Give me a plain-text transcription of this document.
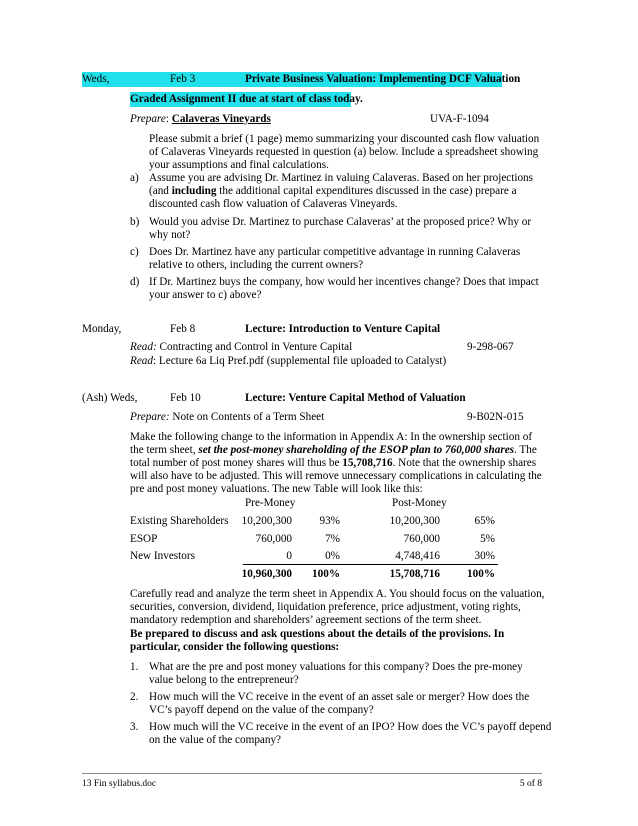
Weds,	Feb 3	Private Business Valuation: Implementing DCF Valuation
Graded Assignment II due at start of class today.
Prepare: Calaveras Vineyards	UVA-F-1094
Please submit a brief (1 page) memo summarizing your discounted cash flow valuation of Calaveras Vineyards requested in question (a) below. Include a spreadsheet showing your assumptions and final calculations.
a) Assume you are advising Dr. Martinez in valuing Calaveras. Based on her projections (and including the additional capital expenditures discussed in the case) prepare a discounted cash flow valuation of Calaveras Vineyards.
b) Would you advise Dr. Martinez to purchase Calaveras’ at the proposed price? Why or why not?
c) Does Dr. Martinez have any particular competitive advantage in running Calaveras relative to others, including the current owners?
d) If Dr. Martinez buys the company, how would her incentives change? Does that impact your answer to c) above?
Monday,	Feb 8	Lecture: Introduction to Venture Capital
Read: Contracting and Control in Venture Capital	9-298-067
Read: Lecture 6a Liq Pref.pdf (supplemental file uploaded to Catalyst)
(Ash) Weds,	Feb 10	Lecture: Venture Capital Method of Valuation
Prepare: Note on Contents of a Term Sheet	9-B02N-015
Make the following change to the information in Appendix A: In the ownership section of the term sheet, set the post-money shareholding of the ESOP plan to 760,000 shares. The total number of post money shares will thus be 15,708,716. Note that the ownership shares will also have to be adjusted. This will remove unnecessary complications in calculating the pre and post money valuations. The new Table will look like this:
Pre-Money	Post-Money
Existing Shareholders	10,200,300	93%	10,200,300	65%
ESOP	760,000	7%	760,000	5%
New Investors	0	0%	4,748,416	30%
10,960,300	100%	15,708,716	100%
Carefully read and analyze the term sheet in Appendix A. You should focus on the valuation, securities, conversion, dividend, liquidation preference, price adjustment, voting rights, mandatory redemption and shareholders’ agreement sections of the term sheet.
Be prepared to discuss and ask questions about the details of the provisions. In particular, consider the following questions:
1. What are the pre and post money valuations for this company? Does the pre-money value belong to the entrepreneur?
2. How much will the VC receive in the event of an asset sale or merger? How does the VC’s payoff depend on the value of the company?
3. How much will the VC receive in the event of an IPO? How does the VC’s payoff depend on the value of the company?
13 Fin syllabus.doc	5 of 8
